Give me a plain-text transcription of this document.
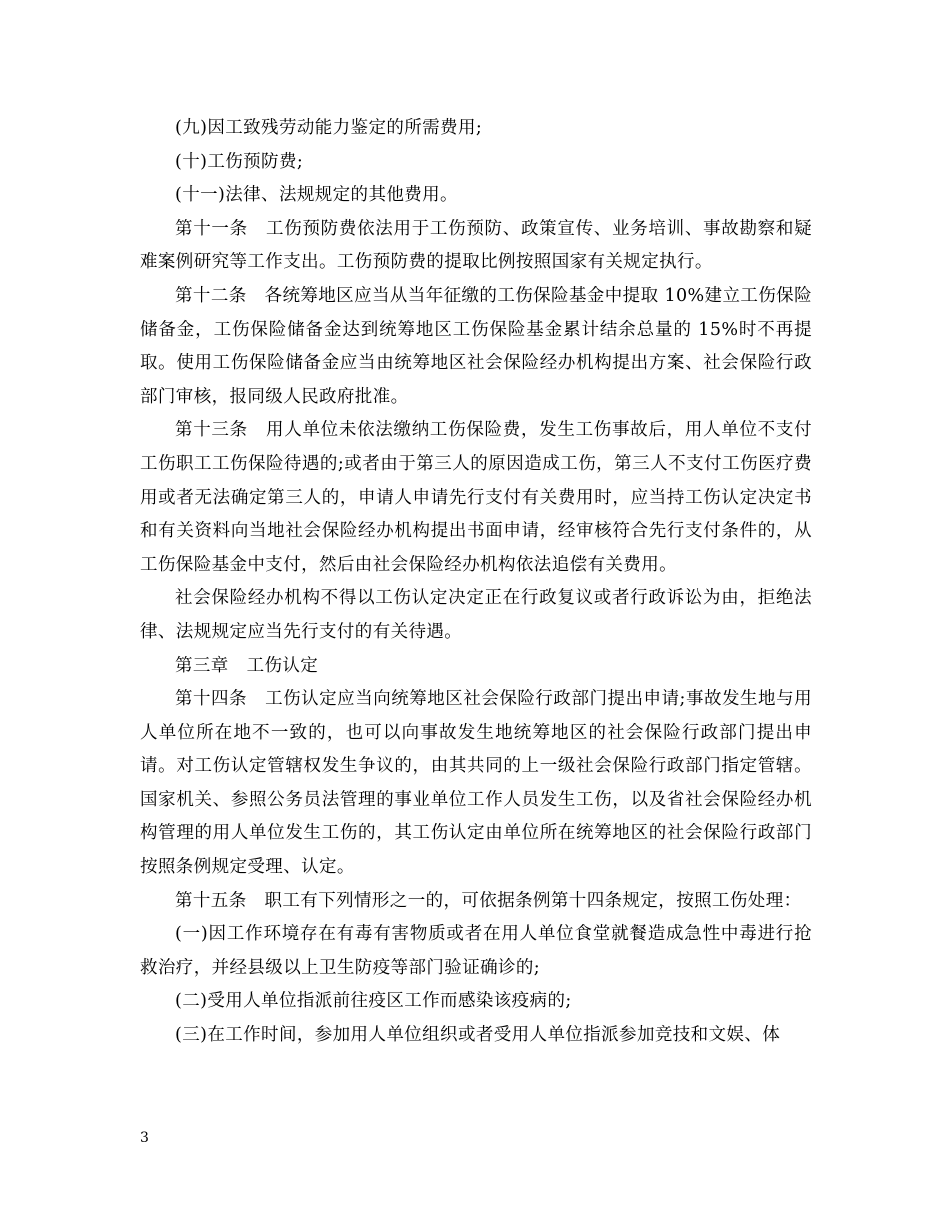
(九)因工致残劳动能力鉴定的所需费用;

(十)工伤预防费;

(十一)法律、法规规定的其他费用。

第十一条　工伤预防费依法用于工伤预防、政策宣传、业务培训、事故勘察和疑难案例研究等工作支出。工伤预防费的提取比例按照国家有关规定执行。

第十二条　各统筹地区应当从当年征缴的工伤保险基金中提取 10%建立工伤保险储备金，工伤保险储备金达到统筹地区工伤保险基金累计结余总量的 15%时不再提取。使用工伤保险储备金应当由统筹地区社会保险经办机构提出方案、社会保险行政部门审核，报同级人民政府批准。

第十三条　用人单位未依法缴纳工伤保险费，发生工伤事故后，用人单位不支付工伤职工工伤保险待遇的;或者由于第三人的原因造成工伤，第三人不支付工伤医疗费用或者无法确定第三人的，申请人申请先行支付有关费用时，应当持工伤认定决定书和有关资料向当地社会保险经办机构提出书面申请，经审核符合先行支付条件的，从工伤保险基金中支付，然后由社会保险经办机构依法追偿有关费用。

社会保险经办机构不得以工伤认定决定正在行政复议或者行政诉讼为由，拒绝法律、法规规定应当先行支付的有关待遇。

第三章　工伤认定

第十四条　工伤认定应当向统筹地区社会保险行政部门提出申请;事故发生地与用人单位所在地不一致的，也可以向事故发生地统筹地区的社会保险行政部门提出申请。对工伤认定管辖权发生争议的，由其共同的上一级社会保险行政部门指定管辖。国家机关、参照公务员法管理的事业单位工作人员发生工伤，以及省社会保险经办机构管理的用人单位发生工伤的，其工伤认定由单位所在统筹地区的社会保险行政部门按照条例规定受理、认定。

第十五条　职工有下列情形之一的，可依据条例第十四条规定，按照工伤处理：

(一)因工作环境存在有毒有害物质或者在用人单位食堂就餐造成急性中毒进行抢救治疗，并经县级以上卫生防疫等部门验证确诊的;

(二)受用人单位指派前往疫区工作而感染该疫病的;

(三)在工作时间，参加用人单位组织或者受用人单位指派参加竞技和文娱、体

3
